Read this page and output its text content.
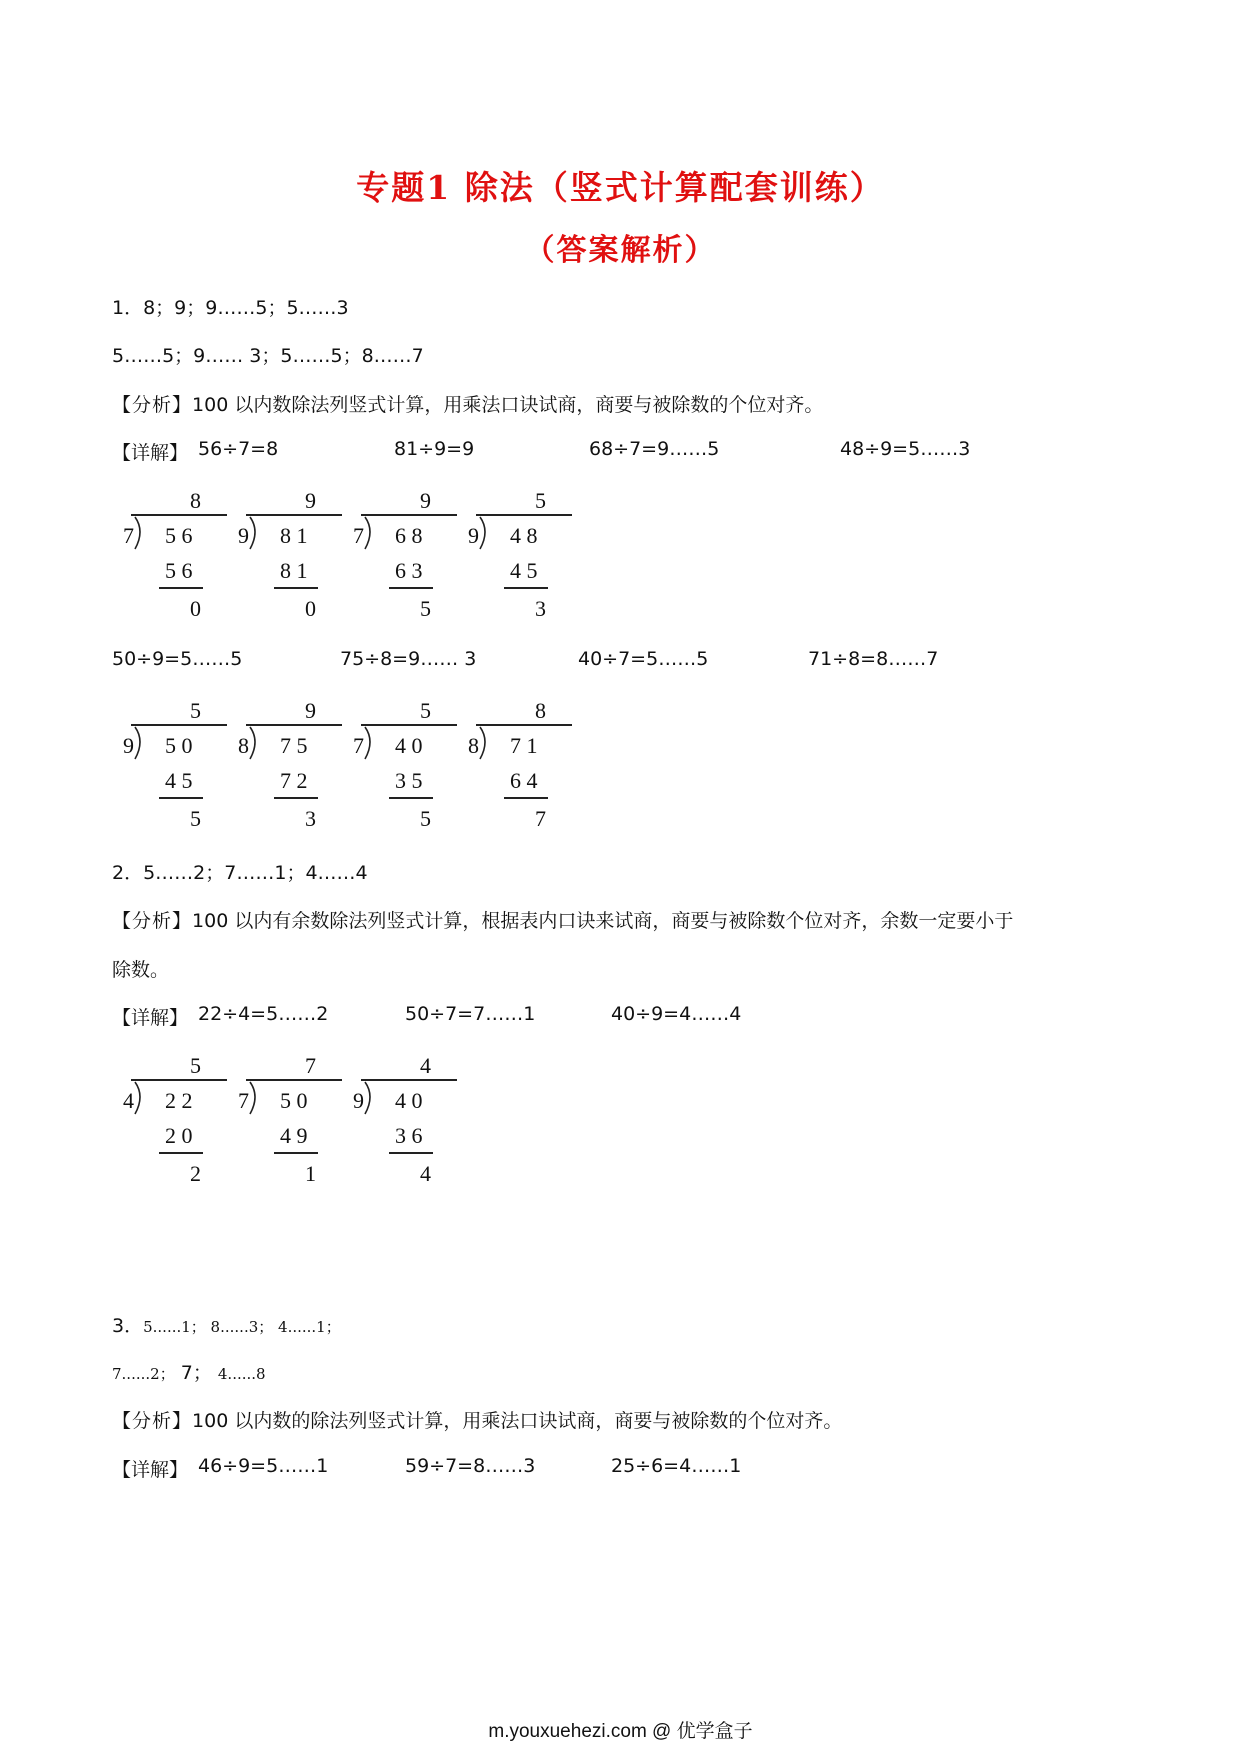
专题1 除法（竖式计算配套训练）
（答案解析）
1．8；9；9……5；5……3
5……5；9…… 3；5……5；8……7
【分析】100 以内数除法列竖式计算，用乘法口诀试商，商要与被除数的个位对齐。
【详解】 56÷7=8	81÷9=9	68÷7=9……5	48÷9=5……3
8
7 5 6
5 6
0
9
9 8 1
8 1
0
9
7 6 8
6 3
5
5
9 4 8
4 5
3
50÷9=5……5	75÷8=9…… 3	40÷7=5……5	71÷8=8……7
5
9 5 0
4 5
5
9
8 7 5
7 2
3
5
7 4 0
3 5
5
8
8 7 1
6 4
7
2．5……2；7……1；4……4
【分析】100 以内有余数除法列竖式计算，根据表内口诀来试商，商要与被除数个位对齐，余数一定要小于
除数。
【详解】 22÷4=5……2	50÷7=7……1	40÷9=4……4
5
4 2 2
2 0
2
7
7 5 0
4 9
1
4
9 4 0
3 6
4
3．5......1； 8......3； 4......1；
7......2； 7； 4......8
【分析】100 以内数的除法列竖式计算，用乘法口诀试商，商要与被除数的个位对齐。
【详解】 46÷9=5……1	59÷7=8……3	25÷6=4……1
m.youxuehezi.com @ 优学盒子
